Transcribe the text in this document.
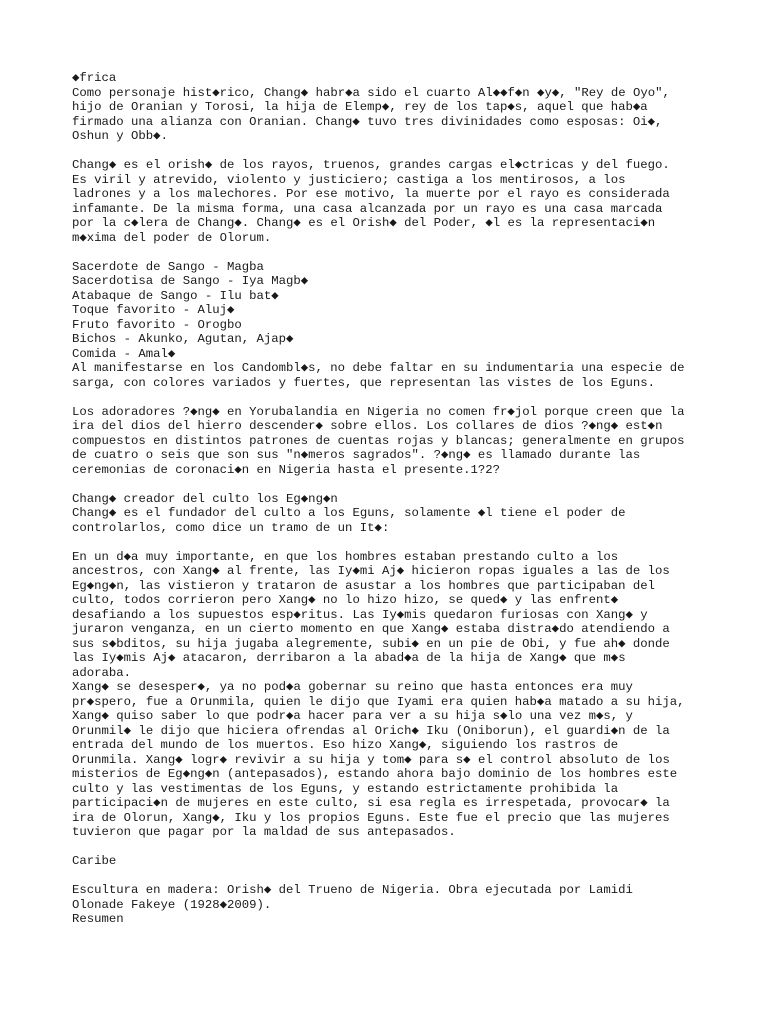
◆frica
Como personaje hist◆rico, Chang◆ habr◆a sido el cuarto Al◆◆f◆n ◆y◆, "Rey de Oyo",
hijo de Oranian y Torosi, la hija de Elemp◆, rey de los tap◆s, aquel que hab◆a
firmado una alianza con Oranian. Chang◆ tuvo tres divinidades como esposas: Oi◆,
Oshun y Obb◆.
Chang◆ es el orish◆ de los rayos, truenos, grandes cargas el◆ctricas y del fuego.
Es viril y atrevido, violento y justiciero; castiga a los mentirosos, a los
ladrones y a los malechores. Por ese motivo, la muerte por el rayo es considerada
infamante. De la misma forma, una casa alcanzada por un rayo es una casa marcada
por la c◆lera de Chang◆. Chang◆ es el Orish◆ del Poder, ◆l es la representaci◆n
m◆xima del poder de Olorum.
Sacerdote de Sango - Magba
Sacerdotisa de Sango - Iya Magb◆
Atabaque de Sango - Ilu bat◆
Toque favorito - Aluj◆
Fruto favorito - Orogbo
Bichos - Akunko, Agutan, Ajap◆
Comida - Amal◆
Al manifestarse en los Candombl◆s, no debe faltar en su indumentaria una especie de
sarga, con colores variados y fuertes, que representan las vistes de los Eguns.
Los adoradores ?◆ng◆ en Yorubalandia en Nigeria no comen fr◆jol porque creen que la
ira del dios del hierro descender◆ sobre ellos. Los collares de dios ?◆ng◆ est◆n
compuestos en distintos patrones de cuentas rojas y blancas; generalmente en grupos
de cuatro o seis que son sus "n◆meros sagrados". ?◆ng◆ es llamado durante las
ceremonias de coronaci◆n en Nigeria hasta el presente.1?2?
Chang◆ creador del culto los Eg◆ng◆n
Chang◆ es el fundador del culto a los Eguns, solamente ◆l tiene el poder de
controlarlos, como dice un tramo de un It◆:
En un d◆a muy importante, en que los hombres estaban prestando culto a los
ancestros, con Xang◆ al frente, las Iy◆mi Aj◆ hicieron ropas iguales a las de los
Eg◆ng◆n, las vistieron y trataron de asustar a los hombres que participaban del
culto, todos corrieron pero Xang◆ no lo hizo hizo, se qued◆ y las enfrent◆
desafiando a los supuestos esp◆ritus. Las Iy◆mis quedaron furiosas con Xang◆ y
juraron venganza, en un cierto momento en que Xang◆ estaba distra◆do atendiendo a
sus s◆bditos, su hija jugaba alegremente, subi◆ en un pie de Obi, y fue ah◆ donde
las Iy◆mis Aj◆ atacaron, derribaron a la abad◆a de la hija de Xang◆ que m◆s
adoraba.
Xang◆ se desesper◆, ya no pod◆a gobernar su reino que hasta entonces era muy
pr◆spero, fue a Orunmila, quien le dijo que Iyami era quien hab◆a matado a su hija,
Xang◆ quiso saber lo que podr◆a hacer para ver a su hija s◆lo una vez m◆s, y
Orunmil◆ le dijo que hiciera ofrendas al Orich◆ Iku (Oniborun), el guardi◆n de la
entrada del mundo de los muertos. Eso hizo Xang◆, siguiendo los rastros de
Orunmila. Xang◆ logr◆ revivir a su hija y tom◆ para s◆ el control absoluto de los
misterios de Eg◆ng◆n (antepasados), estando ahora bajo dominio de los hombres este
culto y las vestimentas de los Eguns, y estando estrictamente prohibida la
participaci◆n de mujeres en este culto, si esa regla es irrespetada, provocar◆ la
ira de Olorun, Xang◆, Iku y los propios Eguns. Este fue el precio que las mujeres
tuvieron que pagar por la maldad de sus antepasados.
Caribe
Escultura en madera: Orish◆ del Trueno de Nigeria. Obra ejecutada por Lamidi
Olonade Fakeye (1928◆2009).
Resumen
